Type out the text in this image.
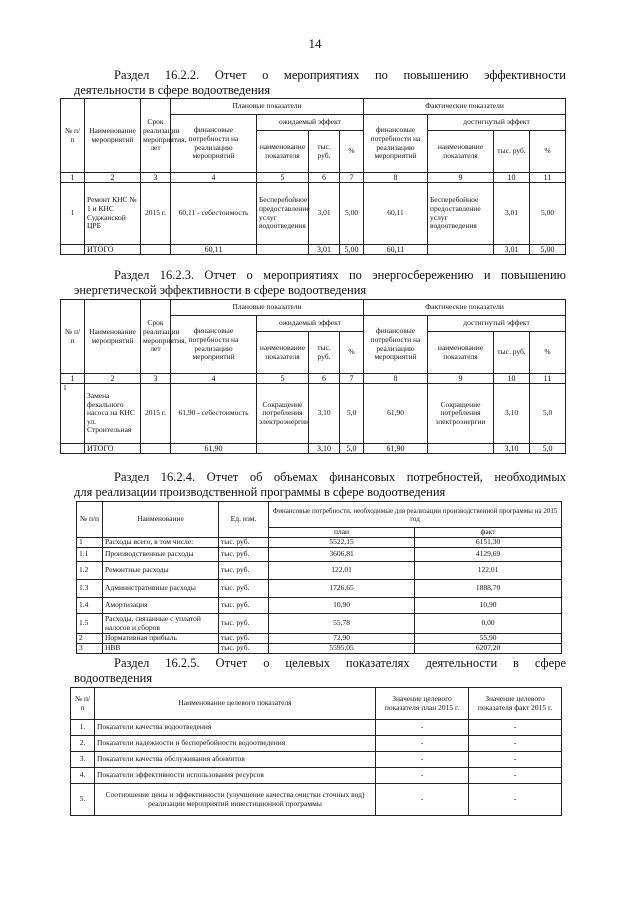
14
Раздел 16.2.2. Отчет о мероприятиях по повышению эффективности
деятельности в сфере водоотведения
№ п/п	Наименование мероприятий	Срок реализации мероприятия, лет	Плановые показатели				Фактические показатели			
			финансовые потребности на реализацию мероприятий	ожидаемый эффект			финансовые потребности на реализацию мероприятий	достигнутый эффект		
				наименование показателя	тыс. руб.	%		наименование показателя	тыс. руб.	%
1	2	3	4	5	6	7	8	9	10	11
1	Ремонт КНС № 1 и КНС Суджанской ЦРБ	2015 г.	60,11 - себестоимость	Бесперебойное предоставление услуг водоотведения	3,01	5,00	60,11	Бесперебойное предоставление услуг водоотведения	3,01	5,00
	ИТОГО		60,11		3,01	5,00	60,11		3,01	5,00
Раздел 16.2.3. Отчет о мероприятиях по энергосбережению и повышению
энергетической эффективности в сфере водоотведения
№ п/п	Наименование мероприятий	Срок реализации мероприятия, лет	Плановые показатели				Фактические показатели			
			финансовые потребности на реализацию мероприятий	ожидаемый эффект			финансовые потребности на реализацию мероприятий	достигнутый эффект		
				наименование показателя	тыс. руб.	%		наименование показателя	тыс. руб.	%
1	2	3	4	5	6	7	8	9	10	11
1	Замена фекального насоса на КНС ул. Строительная	2015 г.	61,90 - себестоимость	Сокращение потребления электроэнергии	3,10	5,0	61,90	Сокращение потребления электроэнергии	3,10	5,0
	ИТОГО		61,90		3,10	5,0	61,90		3,10	5,0
Раздел 16.2.4. Отчет об объемах финансовых потребностей, необходимых
для реализации производственной программы в сфере водоотведения
№ п/п	Наименование	Ед. изм.	Финансовые потребности, необходимые для реализации производственной программы на 2015 год	
			план	факт
1	Расходы всего, в том числе:	тыс. руб.	5522,15	6151,30
1.1	Производственные расходы	тыс. руб.	3606,81	4129,69
1.2	Ремонтные расходы	тыс. руб.	122,01	122,01
1.3	Административные расходы	тыс. руб.	1726,65	1888,70
1.4	Амортизация	тыс. руб.	10,90	10,90
1.5	Расходы, связанные с уплатой налогов и сборов	тыс. руб.	55,78	0,00
2	Нормативная прибыль	тыс. руб.	72,90	55,90
3	НВВ	тыс. руб.	5595,05	6207,20
Раздел 16.2.5. Отчет о целевых показателях деятельности в сфере
водоотведения
№ п/п	Наименование целевого показателя	Значение целевого показателя план 2015 г.	Значение целевого показателя факт 2015 г.
1.	Показатели качества водоотведения	-	-
2.	Показатели надежности и бесперебойности водоотведения	-	-
3.	Показатели качества обслуживания абонентов	-	-
4.	Показатели эффективности использования ресурсов	-	-
5.	Соотношение цены и эффективности (улучшение качества очистки сточных вод) реализации мероприятий инвестиционной программы	-	-
